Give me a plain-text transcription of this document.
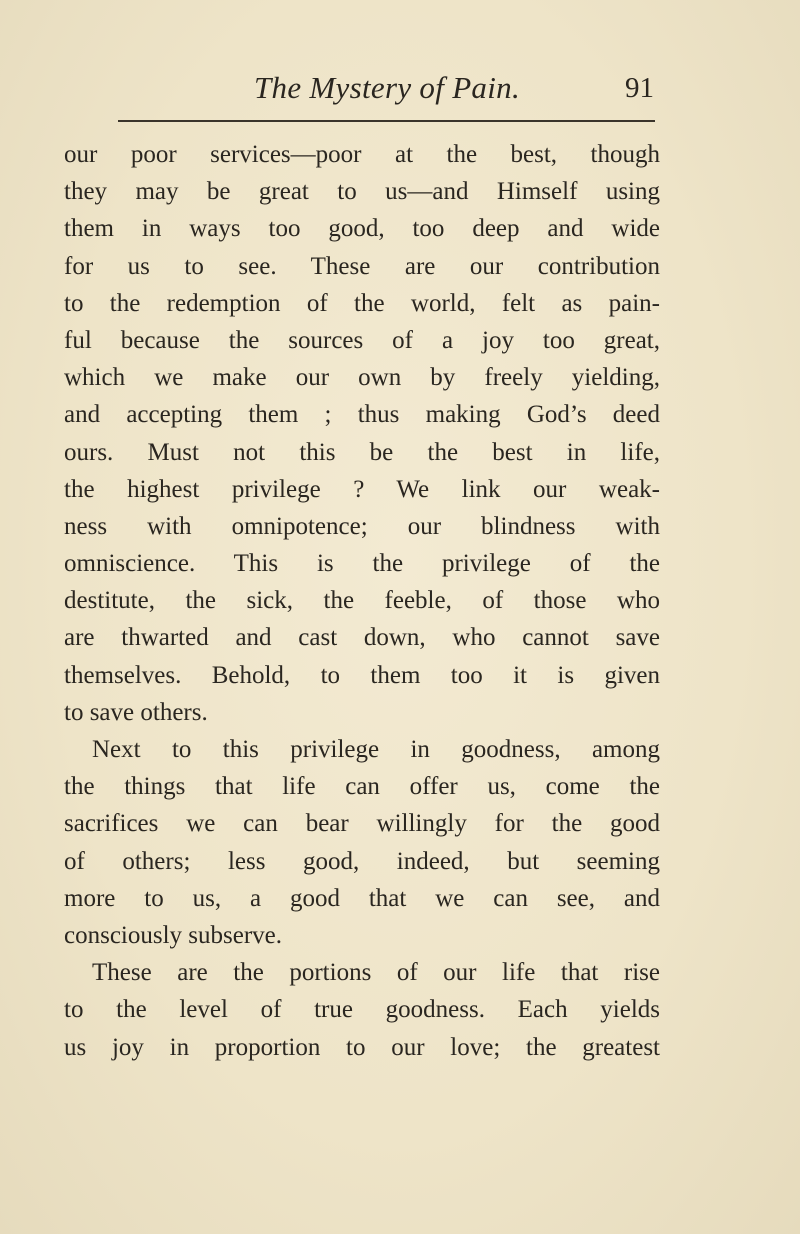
The Mystery of Pain.	91
our poor services—poor at the best, though
they may be great to us—and Himself using
them in ways too good, too deep and wide
for us to see. These are our contribution
to the redemption of the world, felt as pain-
ful because the sources of a joy too great,
which we make our own by freely yielding,
and accepting them ; thus making God’s deed
ours. Must not this be the best in life,
the highest privilege ? We link our weak-
ness with omnipotence; our blindness with
omniscience. This is the privilege of the
destitute, the sick, the feeble, of those who
are thwarted and cast down, who cannot save
themselves. Behold, to them too it is given
to save others.
Next to this privilege in goodness, among
the things that life can offer us, come the
sacrifices we can bear willingly for the good
of others; less good, indeed, but seeming
more to us, a good that we can see, and
consciously subserve.
These are the portions of our life that rise
to the level of true goodness. Each yields
us joy in proportion to our love; the greatest
